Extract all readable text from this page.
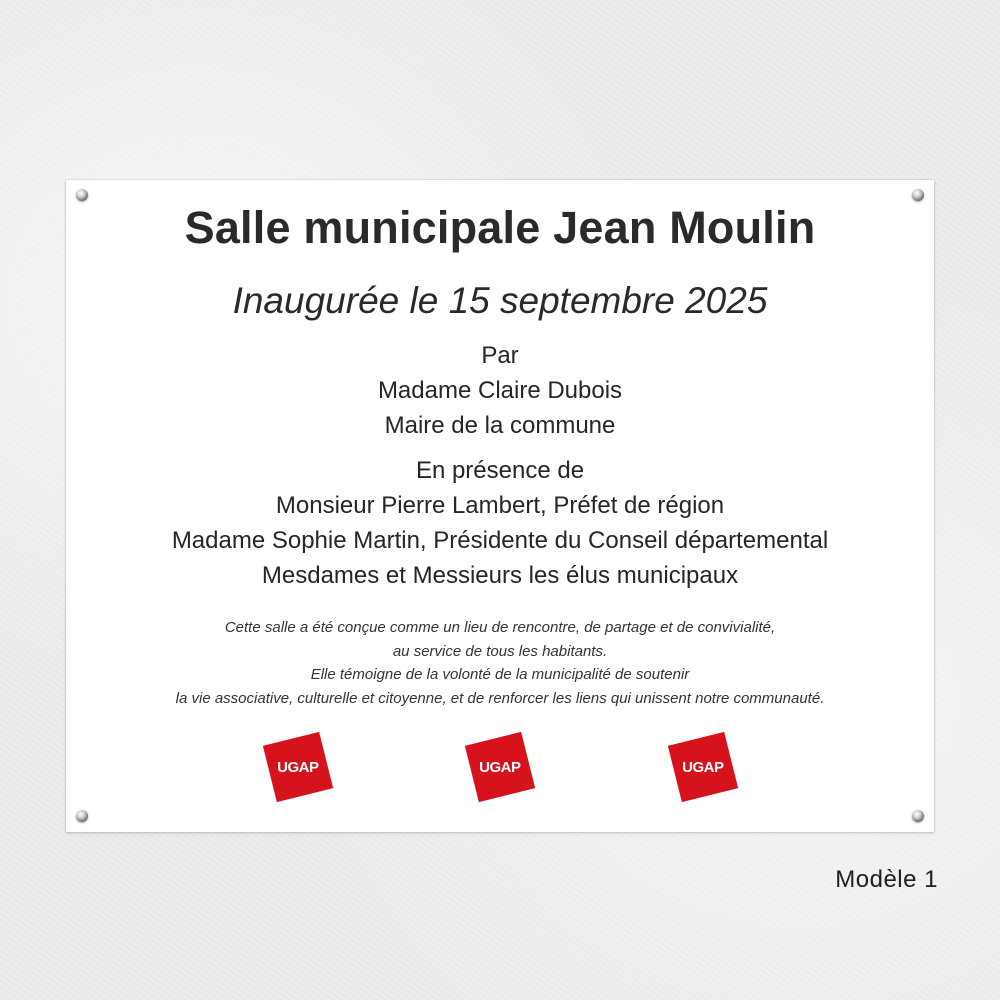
Salle municipale Jean Moulin
Inaugurée le 15 septembre 2025
Par
Madame Claire Dubois
Maire de la commune
En présence de
Monsieur Pierre Lambert, Préfet de région
Madame Sophie Martin, Présidente du Conseil départemental
Mesdames et Messieurs les élus municipaux
Cette salle a été conçue comme un lieu de rencontre, de partage et de convivialité,
au service de tous les habitants.
Elle témoigne de la volonté de la municipalité de soutenir
la vie associative, culturelle et citoyenne, et de renforcer les liens qui unissent notre communauté.
UGAP	UGAP	UGAP
Modèle 1
